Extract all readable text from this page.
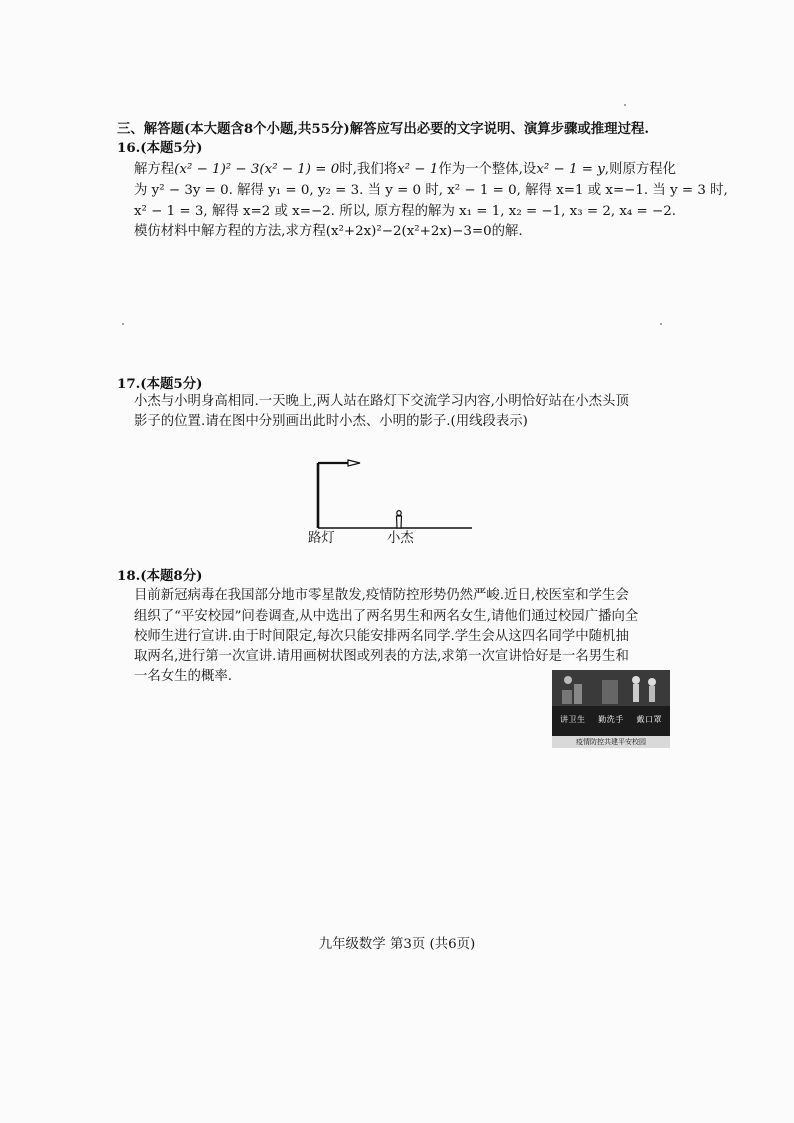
三、解答题(本大题含8个小题,共55分)解答应写出必要的文字说明、演算步骤或推理过程.
16.(本题5分)
解方程(x² − 1)² − 3(x² − 1) = 0时,我们将x² − 1作为一个整体,设x² − 1 = y,则原方程化
为 y² − 3y = 0. 解得 y₁ = 0, y₂ = 3. 当 y = 0 时, x² − 1 = 0, 解得 x=1 或 x=−1. 当 y = 3 时,
x² − 1 = 3, 解得 x=2 或 x=−2. 所以, 原方程的解为 x₁ = 1, x₂ = −1, x₃ = 2, x₄ = −2.
模仿材料中解方程的方法,求方程(x²+2x)²−2(x²+2x)−3=0的解.
17.(本题5分)
小杰与小明身高相同.一天晚上,两人站在路灯下交流学习内容,小明恰好站在小杰头顶
影子的位置.请在图中分别画出此时小杰、小明的影子.(用线段表示)
路灯	小杰
18.(本题8分)
目前新冠病毒在我国部分地市零星散发,疫情防控形势仍然严峻.近日,校医室和学生会
组织了“平安校园”问卷调查,从中选出了两名男生和两名女生,请他们通过校园广播向全
校师生进行宣讲.由于时间限定,每次只能安排两名同学.学生会从这四名同学中随机抽
取两名,进行第一次宣讲.请用画树状图或列表的方法,求第一次宣讲恰好是一名男生和
一名女生的概率.
讲卫生 勤洗手 戴口罩
疫情防控共建平安校园
九年级数学 第3页 (共6页)
